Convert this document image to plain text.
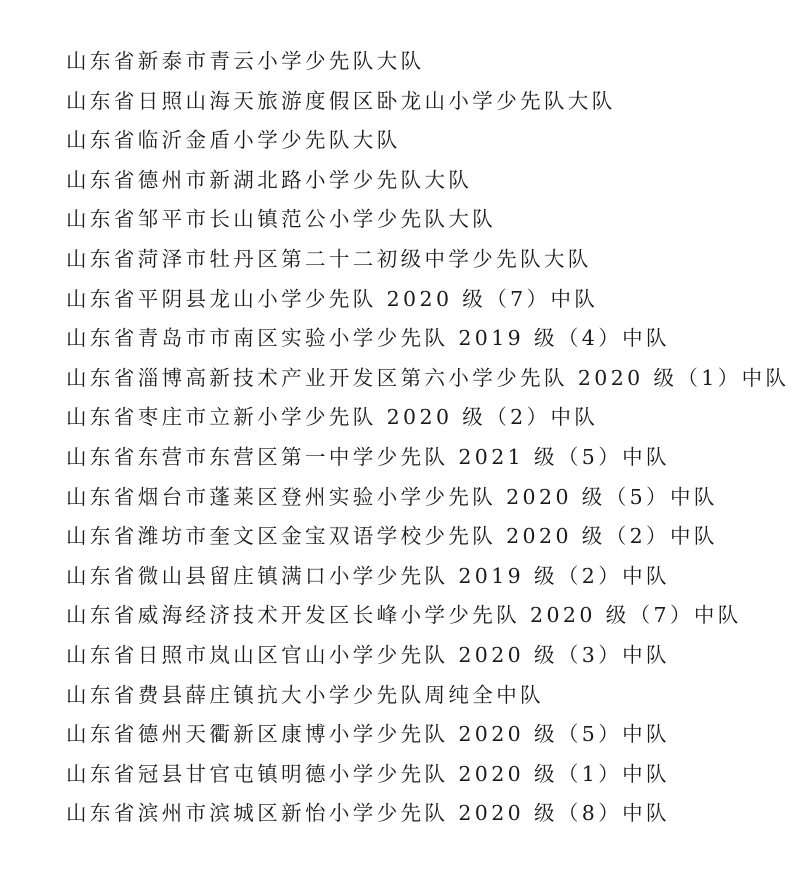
山东省新泰市青云小学少先队大队
山东省日照山海天旅游度假区卧龙山小学少先队大队
山东省临沂金盾小学少先队大队
山东省德州市新湖北路小学少先队大队
山东省邹平市长山镇范公小学少先队大队
山东省菏泽市牡丹区第二十二初级中学少先队大队
山东省平阴县龙山小学少先队 2020 级（7）中队
山东省青岛市市南区实验小学少先队 2019 级（4）中队
山东省淄博高新技术产业开发区第六小学少先队 2020 级（1）中队
山东省枣庄市立新小学少先队 2020 级（2）中队
山东省东营市东营区第一中学少先队 2021 级（5）中队
山东省烟台市蓬莱区登州实验小学少先队 2020 级（5）中队
山东省潍坊市奎文区金宝双语学校少先队 2020 级（2）中队
山东省微山县留庄镇满口小学少先队 2019 级（2）中队
山东省威海经济技术开发区长峰小学少先队 2020 级（7）中队
山东省日照市岚山区官山小学少先队 2020 级（3）中队
山东省费县薛庄镇抗大小学少先队周纯全中队
山东省德州天衢新区康博小学少先队 2020 级（5）中队
山东省冠县甘官屯镇明德小学少先队 2020 级（1）中队
山东省滨州市滨城区新怡小学少先队 2020 级（8）中队
